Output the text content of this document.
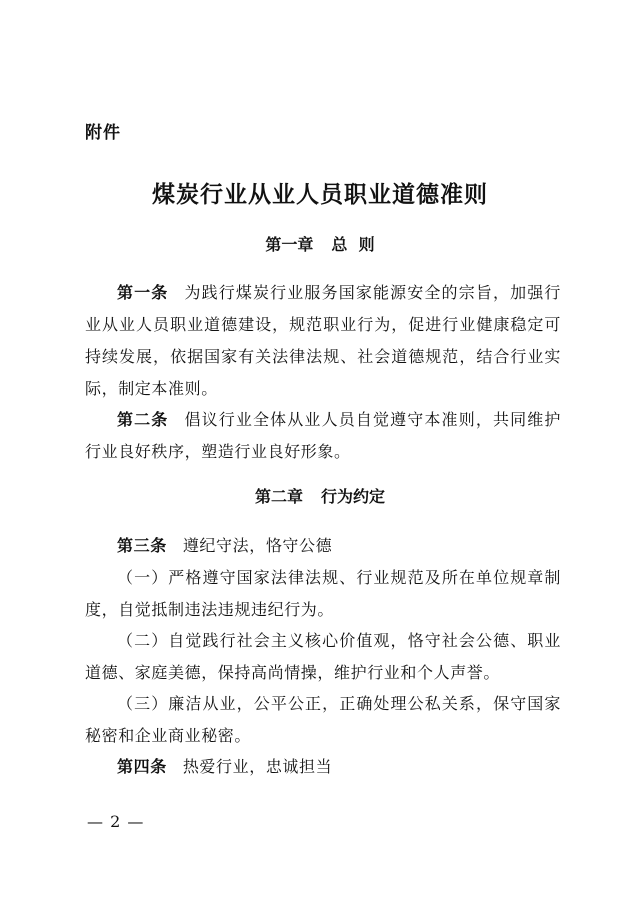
附件
煤炭行业从业人员职业道德准则
第一章 总  则
第一条 为践行煤炭行业服务国家能源安全的宗旨，加强行业从业人员职业道德建设，规范职业行为，促进行业健康稳定可持续发展，依据国家有关法律法规、社会道德规范，结合行业实际，制定本准则。
第二条 倡议行业全体从业人员自觉遵守本准则，共同维护行业良好秩序，塑造行业良好形象。
第二章 行为约定
第三条 遵纪守法，恪守公德
（一）严格遵守国家法律法规、行业规范及所在单位规章制度，自觉抵制违法违规违纪行为。
（二）自觉践行社会主义核心价值观，恪守社会公德、职业道德、家庭美德，保持高尚情操，维护行业和个人声誉。
（三）廉洁从业，公平公正，正确处理公私关系，保守国家秘密和企业商业秘密。
第四条 热爱行业，忠诚担当
— 2 —
